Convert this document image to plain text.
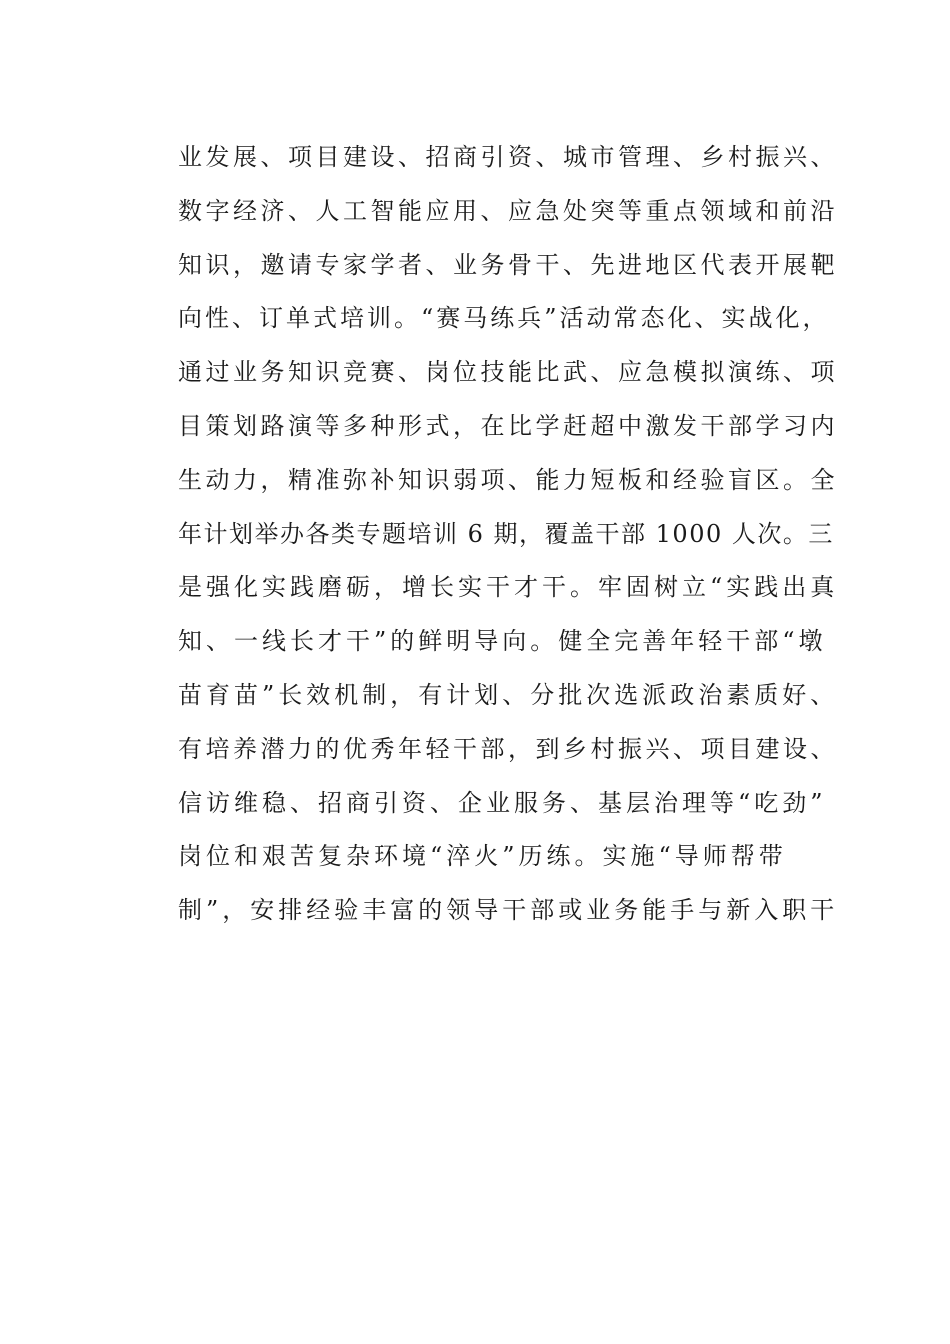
业发展、项目建设、招商引资、城市管理、乡村振兴、
数字经济、人工智能应用、应急处突等重点领域和前沿
知识，邀请专家学者、业务骨干、先进地区代表开展靶
向性、订单式培训。“赛马练兵”活动常态化、实战化，
通过业务知识竞赛、岗位技能比武、应急模拟演练、项
目策划路演等多种形式，在比学赶超中激发干部学习内
生动力，精准弥补知识弱项、能力短板和经验盲区。全
年计划举办各类专题培训 6 期，覆盖干部 1000 人次。三
是强化实践磨砺，增长实干才干。牢固树立“实践出真
知、一线长才干”的鲜明导向。健全完善年轻干部“墩
苗育苗”长效机制，有计划、分批次选派政治素质好、
有培养潜力的优秀年轻干部，到乡村振兴、项目建设、
信访维稳、招商引资、企业服务、基层治理等“吃劲”
岗位和艰苦复杂环境“淬火”历练。实施“导师帮带
制”，安排经验丰富的领导干部或业务能手与新入职干
